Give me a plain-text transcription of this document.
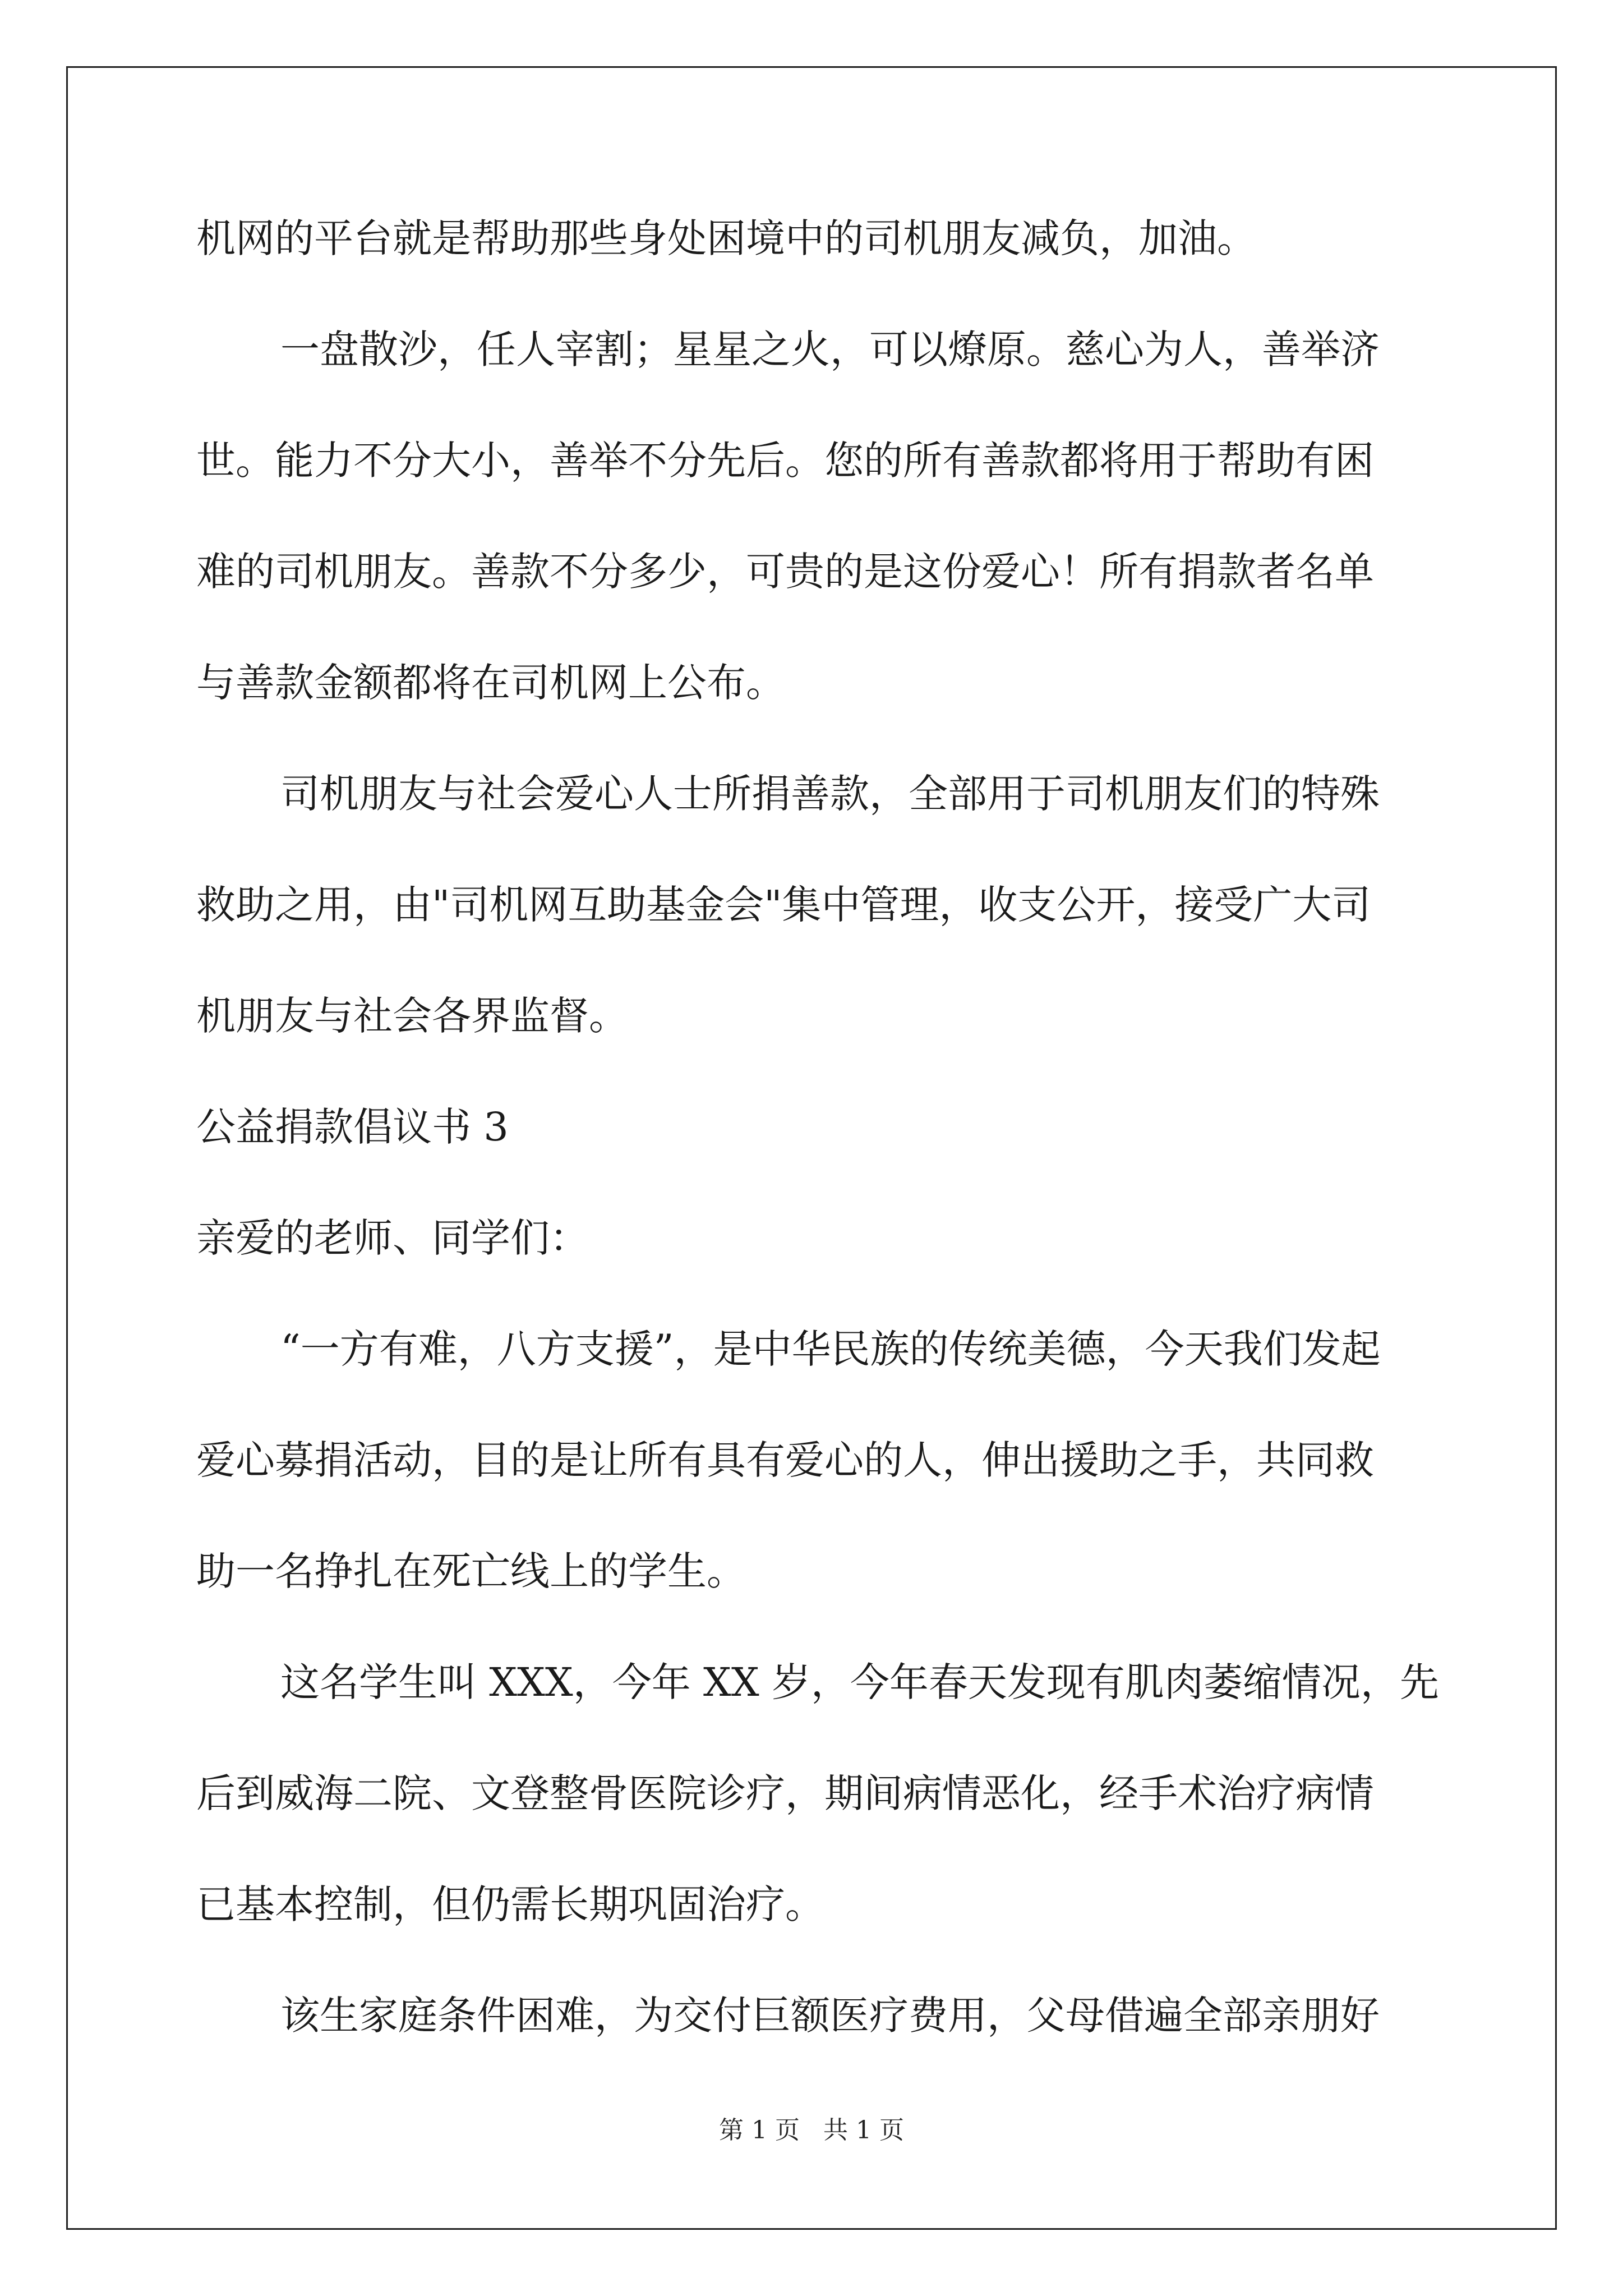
机网的平台就是帮助那些身处困境中的司机朋友减负，加油。
一盘散沙，任人宰割；星星之火，可以燎原。慈心为人，善举济
世。能力不分大小，善举不分先后。您的所有善款都将用于帮助有困
难的司机朋友。善款不分多少，可贵的是这份爱心！所有捐款者名单
与善款金额都将在司机网上公布。
司机朋友与社会爱心人士所捐善款，全部用于司机朋友们的特殊
救助之用，由"司机网互助基金会"集中管理，收支公开，接受广大司
机朋友与社会各界监督。
公益捐款倡议书 3
亲爱的老师、同学们：
“一方有难，八方支援”，是中华民族的传统美德，今天我们发起
爱心募捐活动，目的是让所有具有爱心的人，伸出援助之手，共同救
助一名挣扎在死亡线上的学生。
这名学生叫 XXX，今年 XX 岁，今年春天发现有肌肉萎缩情况，先
后到威海二院、文登整骨医院诊疗，期间病情恶化，经手术治疗病情
已基本控制，但仍需长期巩固治疗。
该生家庭条件困难，为交付巨额医疗费用，父母借遍全部亲朋好
第 1 页 共 1 页
